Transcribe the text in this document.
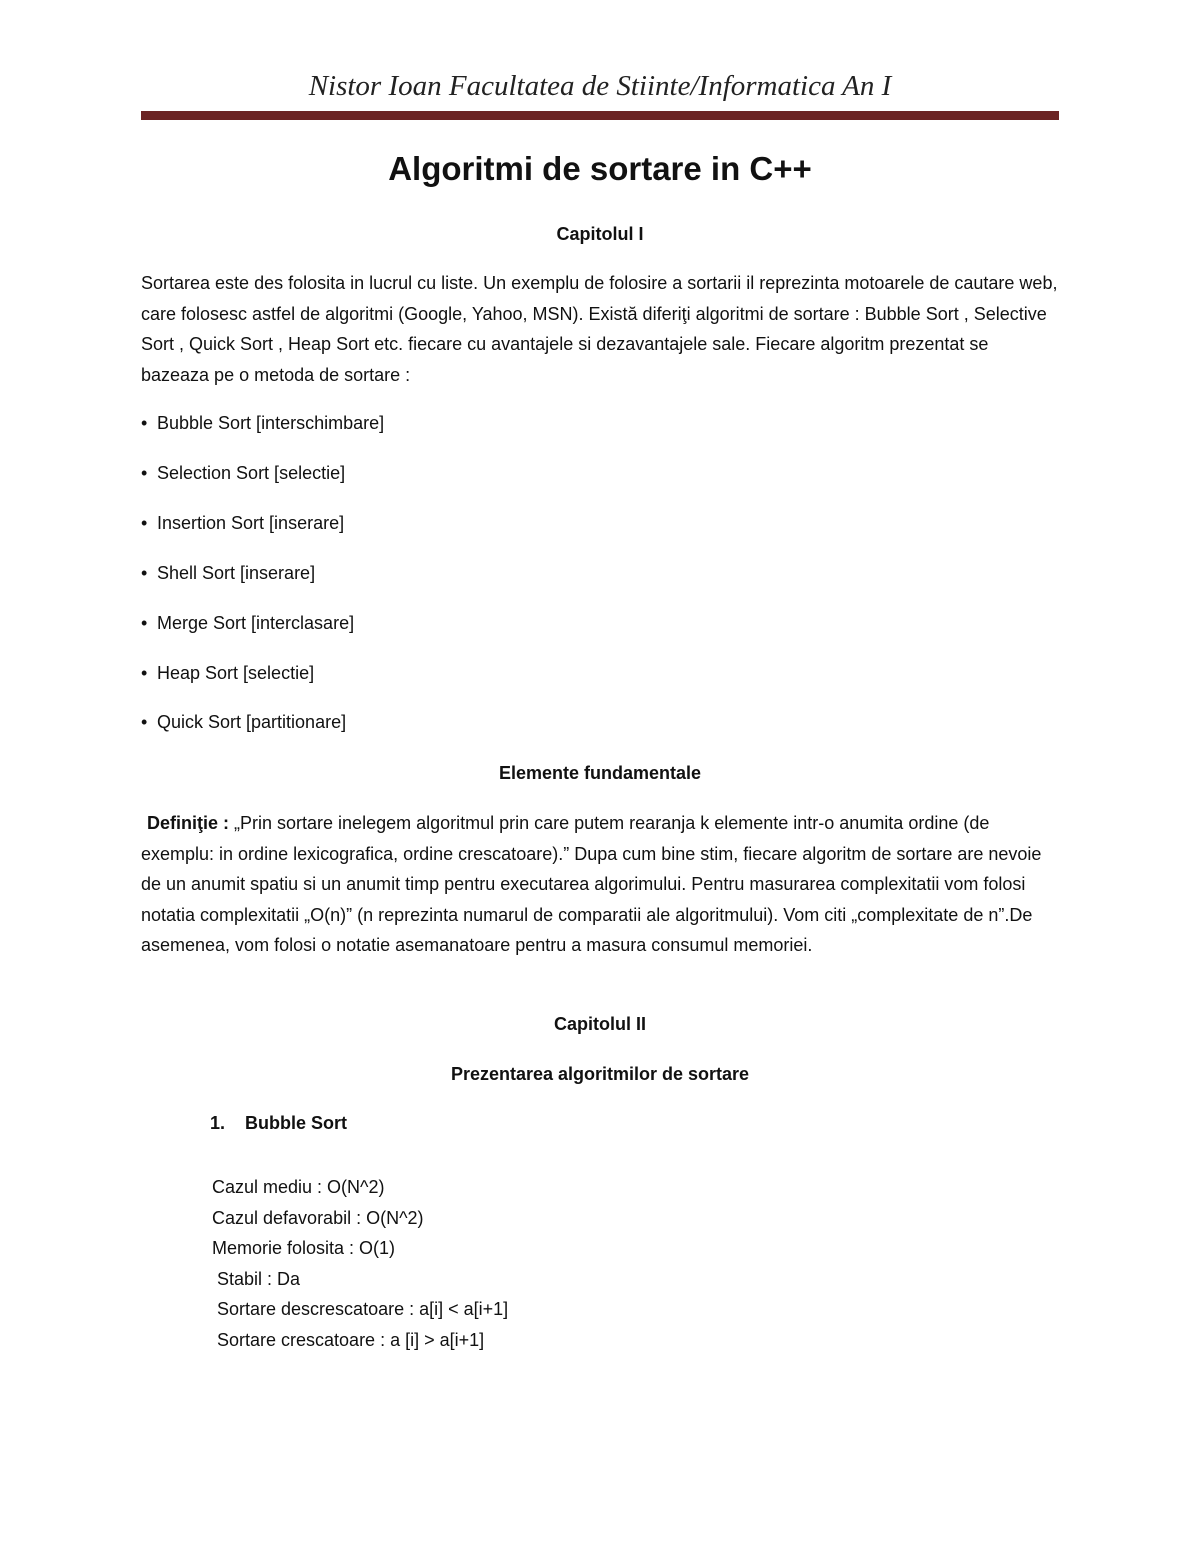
Nistor Ioan Facultatea de Stiinte/Informatica An I
Algoritmi de sortare in C++
Capitolul I

Sortarea este des folosita in lucrul cu liste. Un exemplu de folosire a sortarii il reprezinta motoarele de cautare web, care folosesc astfel de algoritmi (Google, Yahoo, MSN). Există diferiţi algoritmi de sortare : Bubble Sort , Selective Sort , Quick Sort , Heap Sort etc. fiecare cu avantajele si dezavantajele sale. Fiecare algoritm prezentat se bazeaza pe o metoda de sortare :

• Bubble Sort [interschimbare]
• Selection Sort [selectie]
• Insertion Sort [inserare]
• Shell Sort [inserare]
• Merge Sort [interclasare]
• Heap Sort [selectie]
• Quick Sort [partitionare]
Elemente fundamentale

Definiţie : „Prin sortare inelegem algoritmul prin care putem rearanja k elemente intr-o anumita ordine (de exemplu: in ordine lexicografica, ordine crescatoare).” Dupa cum bine stim, fiecare algoritm de sortare are nevoie de un anumit spatiu si un anumit timp pentru executarea algorimului. Pentru masurarea complexitatii vom folosi notatia complexitatii „O(n)” (n reprezinta numarul de comparatii ale algoritmului). Vom citi „complexitate de n”.De asemenea, vom folosi o notatie asemanatoare pentru a masura consumul memoriei.

Capitolul II
Prezentarea algoritmilor de sortare
1. Bubble Sort
Cazul mediu : O(N^2)
Cazul defavorabil : O(N^2)
Memorie folosita : O(1)
Stabil : Da
Sortare descrescatoare : a[i] < a[i+1]
Sortare crescatoare : a [i] > a[i+1]
